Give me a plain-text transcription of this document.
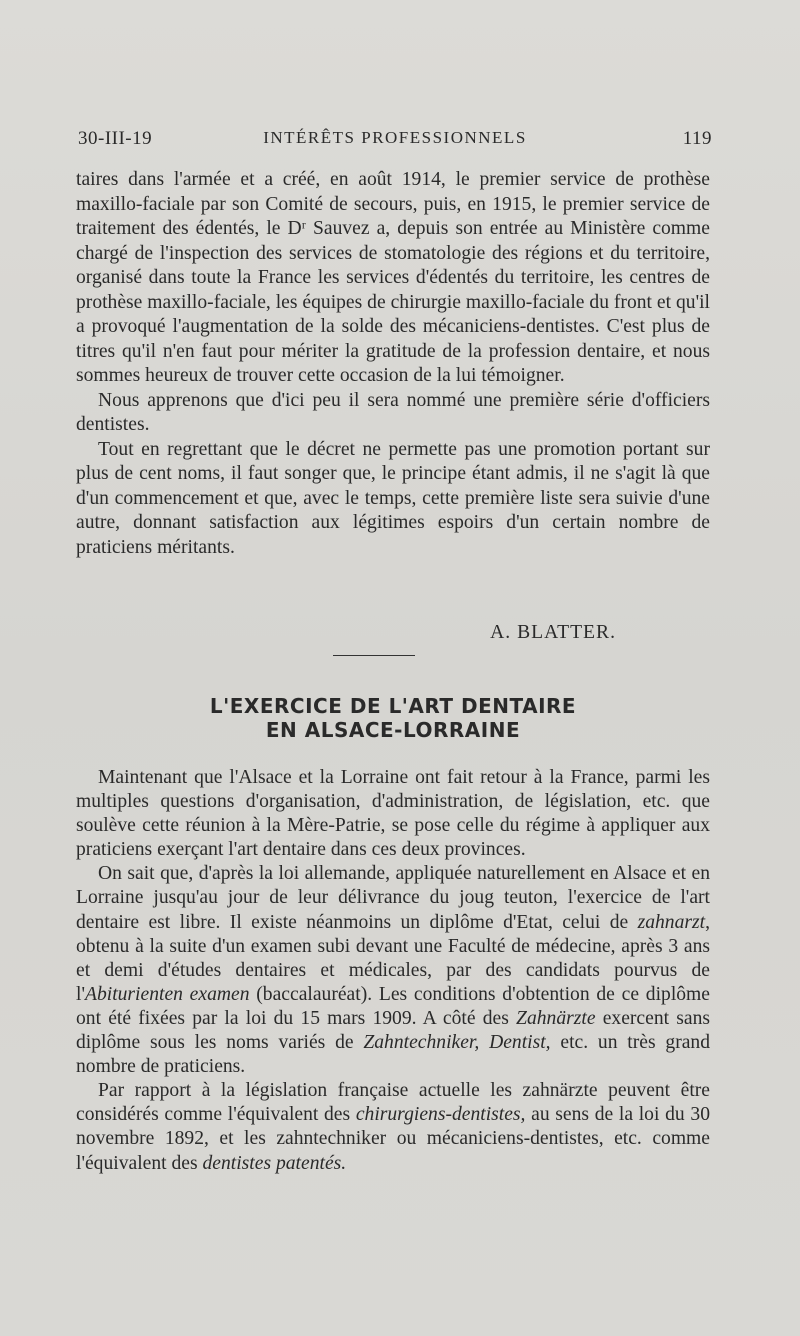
30-III-19	INTÉRÊTS PROFESSIONNELS	119

taires dans l'armée et a créé, en août 1914, le premier service de prothèse maxillo-faciale par son Comité de secours, puis, en 1915, le premier service de traitement des édentés, le Dʳ Sauvez a, depuis son entrée au Ministère comme chargé de l'inspection des services de stomatologie des régions et du territoire, organisé dans toute la France les services d'édentés du territoire, les centres de prothèse maxillo-faciale, les équipes de chirurgie maxillo-faciale du front et qu'il a provoqué l'augmentation de la solde des mécaniciens-dentistes. C'est plus de titres qu'il n'en faut pour mériter la gratitude de la profession dentaire, et nous sommes heureux de trouver cette occasion de la lui témoigner.

Nous apprenons que d'ici peu il sera nommé une première série d'officiers dentistes.

Tout en regrettant que le décret ne permette pas une promotion portant sur plus de cent noms, il faut songer que, le principe étant admis, il ne s'agit là que d'un commencement et que, avec le temps, cette première liste sera suivie d'une autre, donnant satisfaction aux légitimes espoirs d'un certain nombre de praticiens méritants.

A. BLATTER.
L'EXERCICE DE L'ART DENTAIRE
EN ALSACE-LORRAINE

Maintenant que l'Alsace et la Lorraine ont fait retour à la France, parmi les multiples questions d'organisation, d'administration, de législation, etc. que soulève cette réunion à la Mère-Patrie, se pose celle du régime à appliquer aux praticiens exerçant l'art dentaire dans ces deux provinces.

On sait que, d'après la loi allemande, appliquée naturellement en Alsace et en Lorraine jusqu'au jour de leur délivrance du joug teuton, l'exercice de l'art dentaire est libre. Il existe néanmoins un diplôme d'Etat, celui de zahnarzt, obtenu à la suite d'un examen subi devant une Faculté de médecine, après 3 ans et demi d'études dentaires et médicales, par des candidats pourvus de l'Abiturienten examen (baccalauréat). Les conditions d'obtention de ce diplôme ont été fixées par la loi du 15 mars 1909. A côté des Zahnärzte exercent sans diplôme sous les noms variés de Zahntechniker, Dentist, etc. un très grand nombre de praticiens.

Par rapport à la législation française actuelle les zahnärzte peuvent être considérés comme l'équivalent des chirurgiens-dentistes, au sens de la loi du 30 novembre 1892, et les zahntechniker ou mécaniciens-dentistes, etc. comme l'équivalent des dentistes patentés.
